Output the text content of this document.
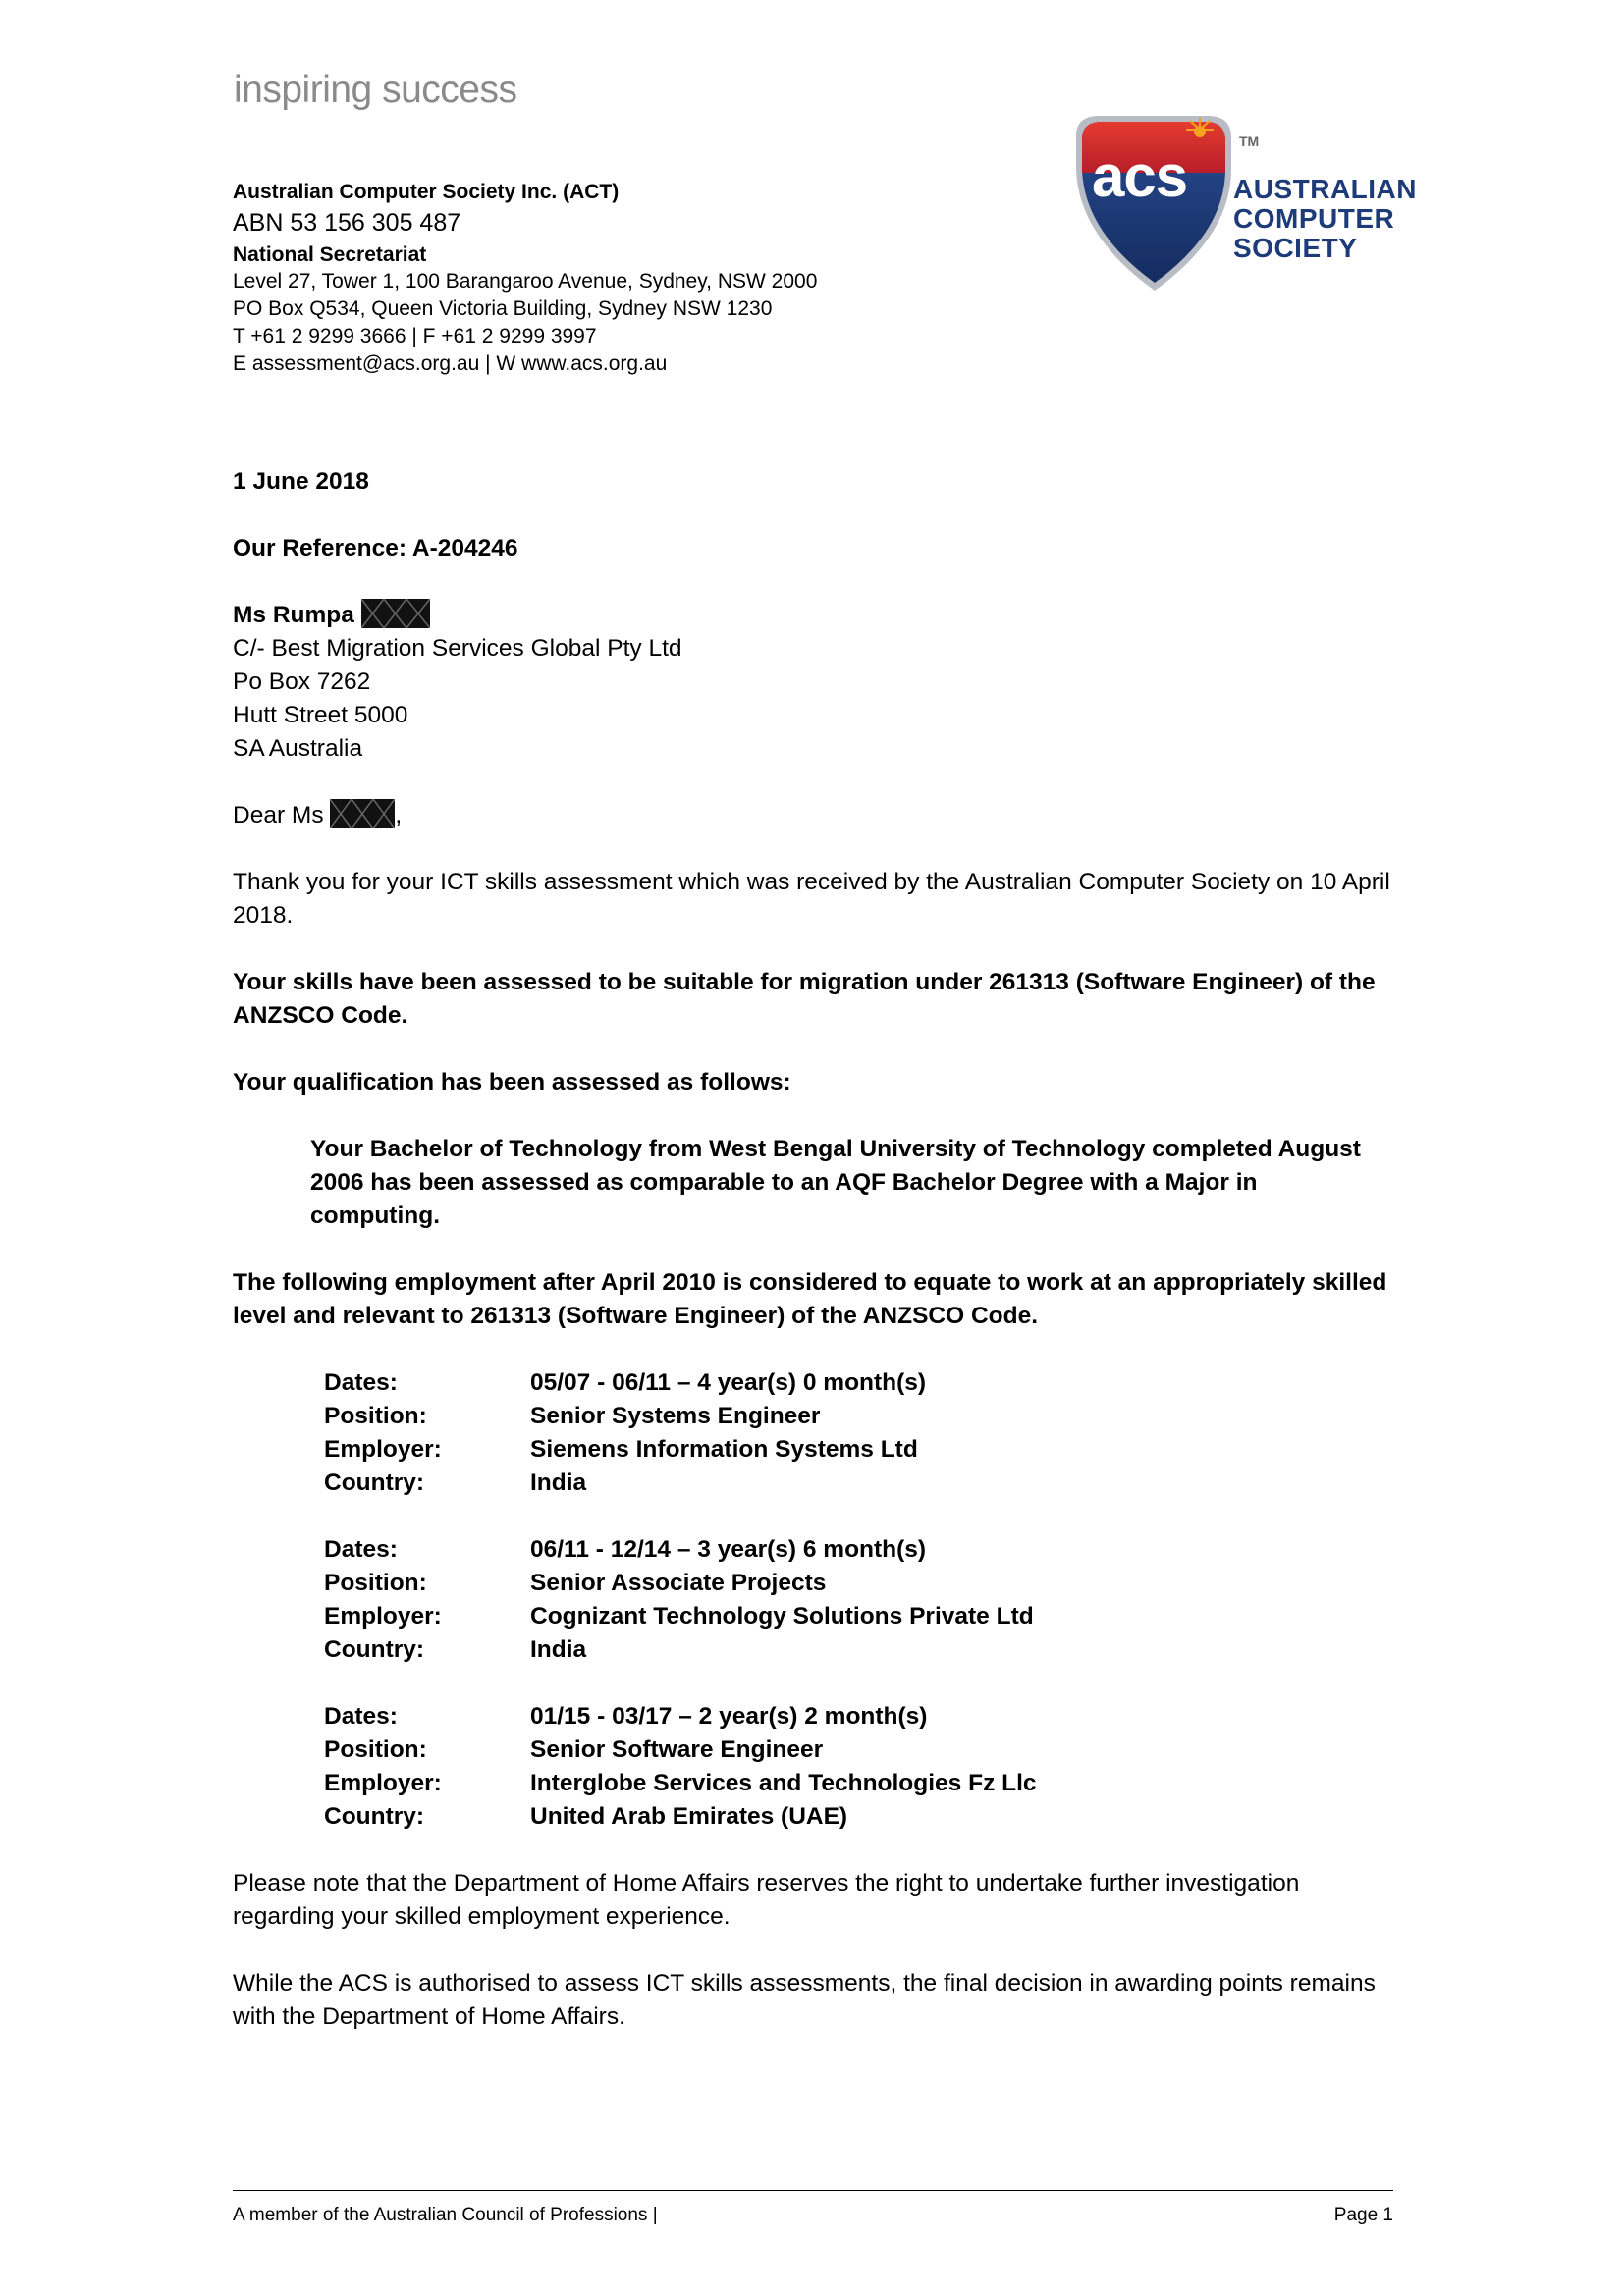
inspiring success
Australian Computer Society Inc. (ACT)
ABN 53 156 305 487
National Secretariat
Level 27, Tower 1, 100 Barangaroo Avenue, Sydney, NSW 2000
PO Box Q534, Queen Victoria Building, Sydney NSW 1230
T +61 2 9299 3666 | F +61 2 9299 3997
E assessment@acs.org.au | W www.acs.org.au
acs
TM
AUSTRALIAN
COMPUTER
SOCIETY
1 June 2018
Our Reference: A-204246
Ms Rumpa
C/- Best Migration Services Global Pty Ltd
Po Box 7262
Hutt Street 5000
SA Australia
Dear Ms	,
Thank you for your ICT skills assessment which was received by the Australian Computer Society on 10 April 2018.
Your skills have been assessed to be suitable for migration under 261313 (Software Engineer) of the ANZSCO Code.
Your qualification has been assessed as follows:
Your Bachelor of Technology from West Bengal University of Technology completed August 2006 has been assessed as comparable to an AQF Bachelor Degree with a Major in computing.
The following employment after April 2010 is considered to equate to work at an appropriately skilled level and relevant to 261313 (Software Engineer) of the ANZSCO Code.
Dates:	05/07 - 06/11 – 4 year(s) 0 month(s)
Position:	Senior Systems Engineer
Employer:	Siemens Information Systems Ltd
Country:	India
Dates:	06/11 - 12/14 – 3 year(s) 6 month(s)
Position:	Senior Associate Projects
Employer:	Cognizant Technology Solutions Private Ltd
Country:	India
Dates:	01/15 - 03/17 – 2 year(s) 2 month(s)
Position:	Senior Software Engineer
Employer:	Interglobe Services and Technologies Fz Llc
Country:	United Arab Emirates (UAE)
Please note that the Department of Home Affairs reserves the right to undertake further investigation regarding your skilled employment experience.
While the ACS is authorised to assess ICT skills assessments, the final decision in awarding points remains with the Department of Home Affairs.
A member of the Australian Council of Professions |	Page 1
